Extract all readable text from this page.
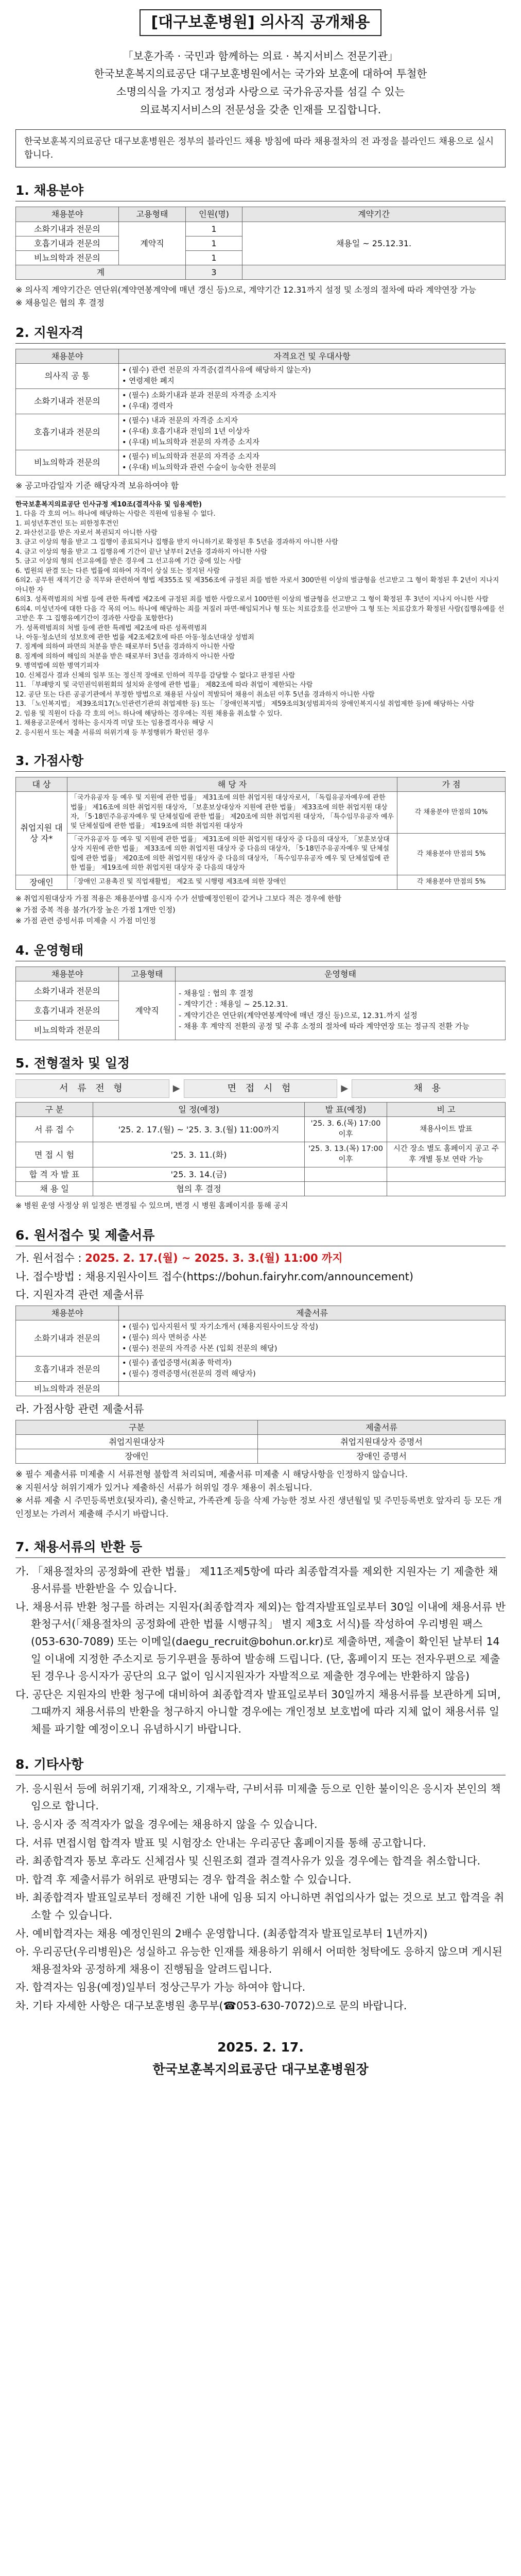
[대구보훈병원] 의사직 공개채용
「보훈가족 · 국민과 함께하는 의료 · 복지서비스 전문기관」
한국보훈복지의료공단 대구보훈병원에서는 국가와 보훈에 대하여 투철한
소명의식을 가지고 정성과 사랑으로 국가유공자를 섬길 수 있는
의료복지서비스의 전문성을 갖춘 인재를 모집합니다.
한국보훈복지의료공단 대구보훈병원은 정부의 블라인드 채용 방침에 따라 채용절차의 전 과정을 블라인드 채용으로 실시합니다.
1. 채용분야
채용분야	고용형태	인원(명)	계약기간
소화기내과 전문의	계약직	1	채용일 ~ 25.12.31.
호흡기내과 전문의		1	
비뇨의학과 전문의		1	
계		3	
※ 의사직 계약기간은 연단위(계약연봉계약에 매년 갱신 등)으로, 계약기간 12.31까지 설정 및 소정의 절차에 따라 계약연장 가능
※ 채용일은 협의 후 결정
2. 지원자격
채용분야	자격요건 및 우대사항
의사직 공 통	• (필수) 관련 전문의 자격증(결격사유에 해당하지 않는자)
• 연령제한 폐지
소화기내과 전문의	• (필수) 소화기내과 분과 전문의 자격증 소지자
• (우대) 경력자
호흡기내과 전문의	• (필수) 내과 전문의 자격증 소지자
• (우대) 호흡기내과 전임의 1년 이상자
• (우대) 비뇨의학과 전문의 자격증 소지자
비뇨의학과 전문의	• (필수) 비뇨의학과 전문의 자격증 소지자
• (우대) 비뇨의학과 관련 수술이 능숙한 전문의
※ 공고마감일자 기준 해당자격 보유하여야 함
한국보훈복지의료공단 인사규정 제10조(결격사유 및 임용제한)
1. 다음 각 호의 어느 하나에 해당하는 사람은 직원에 임용될 수 없다.
1. 피성년후견인 또는 피한정후견인
2. 파산선고를 받은 자로서 복권되지 아니한 사람
3. 금고 이상의 형을 받고 그 집행이 종료되거나 집행을 받지 아니하기로 확정된 후 5년을 경과하지 아니한 사람
4. 금고 이상의 형을 받고 그 집행유예 기간이 끝난 날부터 2년을 경과하지 아니한 사람
5. 금고 이상의 형의 선고유예를 받은 경우에 그 선고유예 기간 중에 있는 사람
6. 법원의 판결 또는 다른 법률에 의하여 자격이 상실 또는 정지된 사람
6의2. 공무원 재직기간 중 직무와 관련하여 형법 제355조 및 제356조에 규정된 죄를 범한 자로서 300만원 이상의 벌금형을 선고받고 그 형이 확정된 후 2년이 지나지 아니한 자
6의3. 성폭력범죄의 처벌 등에 관한 특례법 제2조에 규정된 죄를 범한 사람으로서 100만원 이상의 벌금형을 선고받고 그 형이 확정된 후 3년이 지나지 아니한 사람
6의4. 미성년자에 대한 다음 각 목의 어느 하나에 해당하는 죄를 저질러 파면·해임되거나 형 또는 치료감호를 선고받아 그 형 또는 치료감호가 확정된 사람(집행유예를 선고받은 후 그 집행유예기간이 경과한 사람을 포함한다)
가. 성폭력범죄의 처벌 등에 관한 특례법 제2조에 따른 성폭력범죄
나. 아동·청소년의 성보호에 관한 법률 제2조제2호에 따른 아동·청소년대상 성범죄
7. 징계에 의하여 파면의 처분을 받은 때로부터 5년을 경과하지 아니한 사람
8. 징계에 의하여 해임의 처분을 받은 때로부터 3년을 경과하지 아니한 사람
9. 병역법에 의한 병역기피자
10. 신체검사 결과 신체의 일부 또는 정신적 장애로 인하여 직무를 감당할 수 없다고 판정된 사람
11. 「부패방지 및 국민권익위원회의 설치와 운영에 관한 법률」 제82조에 따라 취업이 제한되는 사람
12. 공단 또는 다른 공공기관에서 부정한 방법으로 채용된 사실이 적발되어 채용이 취소된 이후 5년을 경과하지 아니한 사람
13. 「노인복지법」 제39조의17(노인관련기관의 취업제한 등) 또는 「장애인복지법」 제59조의3(성범죄자의 장애인복지시설 취업제한 등)에 해당하는 사람
2. 임용 및 직원이 다음 각 호의 어느 하나에 해당하는 경우에는 직원 채용을 취소할 수 있다.
1. 채용공고문에서 정하는 응시자격 미달 또는 임용결격사유 해당 시
2. 응시원서 또는 제출 서류의 허위기재 등 부정행위가 확인된 경우
3. 가점사항
대 상	해 당 자	가 점
취업지원 대 상 자*	「국가유공자 등 예우 및 지원에 관한 법률」 제31조에 의한 취업지원 대상자로서, 「독립유공자예우에 관한 법률」 제16조에 의한 취업지원 대상자, 「보훈보상대상자 지원에 관한 법률」 제33조에 의한 취업지원 대상자, 「5·18민주유공자예우 및 단체설립에 관한 법률」 제20조에 의한 취업지원 대상자, 「특수임무유공자 예우 및 단체설립에 관한 법률」 제19조에 의한 취업지원 대상자	각 채용분야 만점의 10%
	「국가유공자 등 예우 및 지원에 관한 법률」 제31조에 의한 취업지원 대상자 중 다음의 대상자, 「보훈보상대상자 지원에 관한 법률」 제33조에 의한 취업지원 대상자 중 다음의 대상자, 「5·18민주유공자예우 및 단체설립에 관한 법률」 제20조에 의한 취업지원 대상자 중 다음의 대상자, 「특수임무유공자 예우 및 단체설립에 관한 법률」 제19조에 의한 취업지원 대상자 중 다음의 대상자	각 채용분야 만점의 5%
장애인	「장애인 고용촉진 및 직업재활법」 제2조 및 시행령 제3조에 의한 장애인	각 채용분야 만점의 5%
※ 취업지원대상자 가점 적용은 채용분야별 응시자 수가 선발예정인원이 같거나 그보다 적은 경우에 한함
※ 가점 중복 적용 불가(가장 높은 가점 1개만 인정)
※ 가점 관련 증빙서류 미제출 시 가점 미인정
4. 운영형태
채용분야	고용형태	운영형태
소화기내과 전문의	계약직	- 채용일 : 협의 후 결정
- 계약기간 : 채용일 ~ 25.12.31.
- 계약기간은 연단위(계약연봉계약에 매년 갱신 등)으로, 12.31.까지 설정
- 채용 후 계약직 전환의 공정 및 주휴 소정의 절차에 따라 계약연장 또는 정규직 전환 가능
호흡기내과 전문의		
비뇨의학과 전문의		
5. 전형절차 및 일정
서 류 전 형	▶	면 접 시 험	▶	채 용
구 분	일 정(예정)	발 표(예정)	비 고
서 류 접 수	'25. 2. 17.(월) ~ '25. 3. 3.(월) 11:00까지	'25. 3. 6.(목) 17:00이후	채용사이트 발표
면 접 시 험	'25. 3. 11.(화)	'25. 3. 13.(목) 17:00이후	시간 장소 별도 홈페이지 공고 주후 개별 통보 연락 가능
합 격 자 발 표	'25. 3. 14.(금)		
채 용 일	협의 후 결정		
※ 병원 운영 사정상 위 일정은 변경될 수 있으며, 변경 시 병원 홈페이지를 통해 공지
6. 원서접수 및 제출서류
가. 원서접수 : 2025. 2. 17.(월) ~ 2025. 3. 3.(월) 11:00 까지
나. 접수방법 : 채용지원사이트 접수(https://bohun.fairyhr.com/announcement)
다. 지원자격 관련 제출서류
채용분야	제출서류
소화기내과 전문의	• (필수) 입사지원서 및 자기소개서 (채용지원사이트상 작성)
• (필수) 의사 면허증 사본
• (필수) 전문의 자격증 사본 (입회 전문의 해당)
호흡기내과 전문의	• (필수) 졸업증명서(최종 학력자)
• (필수) 경력증명서(전문의 경력 해당자)
비뇨의학과 전문의	
라. 가점사항 관련 제출서류
구분	제출서류
취업지원대상자	취업지원대상자 증명서
장애인	장애인 증명서
※ 필수 제출서류 미제출 시 서류전형 불합격 처리되며, 제출서류 미제출 시 해당사항을 인정하지 않습니다.
※ 지원서상 허위기재가 있거나 제출하신 서류가 허위일 경우 채용이 취소됩니다.
※ 서류 제출 시 주민등록번호(뒷자리), 출신학교, 가족관계 등을 삭제 가능한 정보 사진 생년월일 및 주민등록번호 앞자리 등 모든 개인정보는 가려서 제출해 주시기 바랍니다.
7. 채용서류의 반환 등
가. 「채용절차의 공정화에 관한 법률」 제11조제5항에 따라 최종합격자를 제외한 지원자는 기 제출한 채용서류를 반환받을 수 있습니다.
나. 채용서류 반환 청구를 하려는 지원자(최종합격자 제외)는 합격자발표일로부터 30일 이내에 채용서류 반환청구서(「채용절차의 공정화에 관한 법률 시행규칙」 별지 제3호 서식)를 작성하여 우리병원 팩스 (053-630-7089) 또는 이메일(daegu_recruit@bohun.or.kr)로 제출하면, 제출이 확인된 날부터 14일 이내에 지정한 주소지로 등기우편을 통하여 발송해 드립니다. (단, 홈페이지 또는 전자우편으로 제출된 경우나 응시자가 공단의 요구 없이 임시지원자가 자발적으로 제출한 경우에는 반환하지 않음)
다. 공단은 지원자의 반환 청구에 대비하여 최종합격자 발표일로부터 30일까지 채용서류를 보관하게 되며, 그때까지 채용서류의 반환을 청구하지 아니할 경우에는 개인정보 보호법에 따라 지체 없이 채용서류 일체를 파기할 예정이오니 유념하시기 바랍니다.
8. 기타사항
가. 응시원서 등에 허위기재, 기재착오, 기재누락, 구비서류 미제출 등으로 인한 불이익은 응시자 본인의 책임으로 합니다.
나. 응시자 중 적격자가 없을 경우에는 채용하지 않을 수 있습니다.
다. 서류 면접시험 합격자 발표 및 시험장소 안내는 우리공단 홈페이지를 통해 공고합니다.
라. 최종합격자 통보 후라도 신체검사 및 신원조회 결과 결격사유가 있을 경우에는 합격을 취소합니다.
마. 합격 후 제출서류가 허위로 판명되는 경우 합격을 취소할 수 있습니다.
바. 최종합격자 발표일로부터 정해진 기한 내에 임용 되지 아니하면 취업의사가 없는 것으로 보고 합격을 취소할 수 있습니다.
사. 예비합격자는 채용 예정인원의 2배수 운영합니다. (최종합격자 발표일로부터 1년까지)
아. 우리공단(우리병원)은 성실하고 유능한 인재를 채용하기 위해서 어떠한 청탁에도 응하지 않으며 게시된 채용절차와 공정하게 채용이 진행됨을 알려드립니다.
자. 합격자는 임용(예정)일부터 정상근무가 가능 하여야 합니다.
차. 기타 자세한 사항은 대구보훈병원 총무부(☎053-630-7072)으로 문의 바랍니다.
2025. 2. 17.
한국보훈복지의료공단 대구보훈병원장
